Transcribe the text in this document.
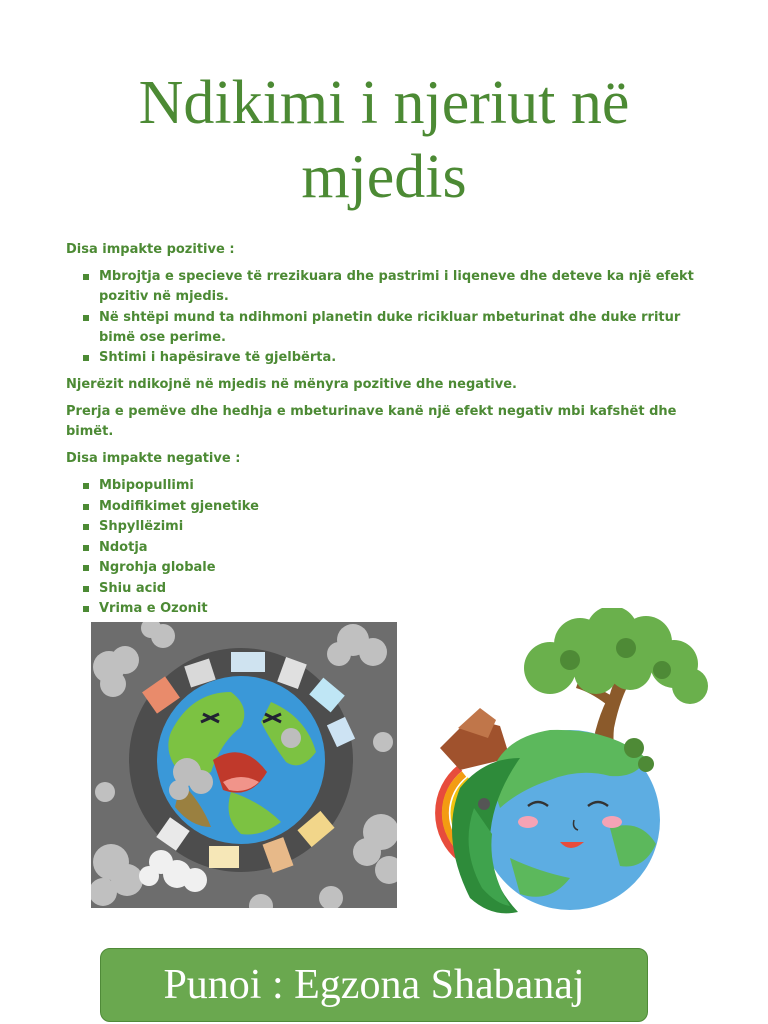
Ndikimi i njeriut në
mjedis

Disa impakte pozitive :

Mbrojtja e specieve të rrezikuara dhe pastrimi i liqeneve dhe deteve ka një efekt pozitiv në mjedis.
Në shtëpi mund ta ndihmoni planetin duke ricikluar mbeturinat dhe duke rritur bimë ose perime.
Shtimi i hapësirave të gjelbërta.

Njerëzit ndikojnë në mjedis në mënyra pozitive dhe negative.

Prerja e pemëve dhe hedhja e mbeturinave kanë një efekt negativ mbi kafshët dhe bimët.

Disa impakte negative :

Mbipopullimi
Modifikimet gjenetike
Shpyllëzimi
Ndotja
Ngrohja globale
Shiu acid
Vrima e Ozonit
Punoi : Egzona Shabanaj
